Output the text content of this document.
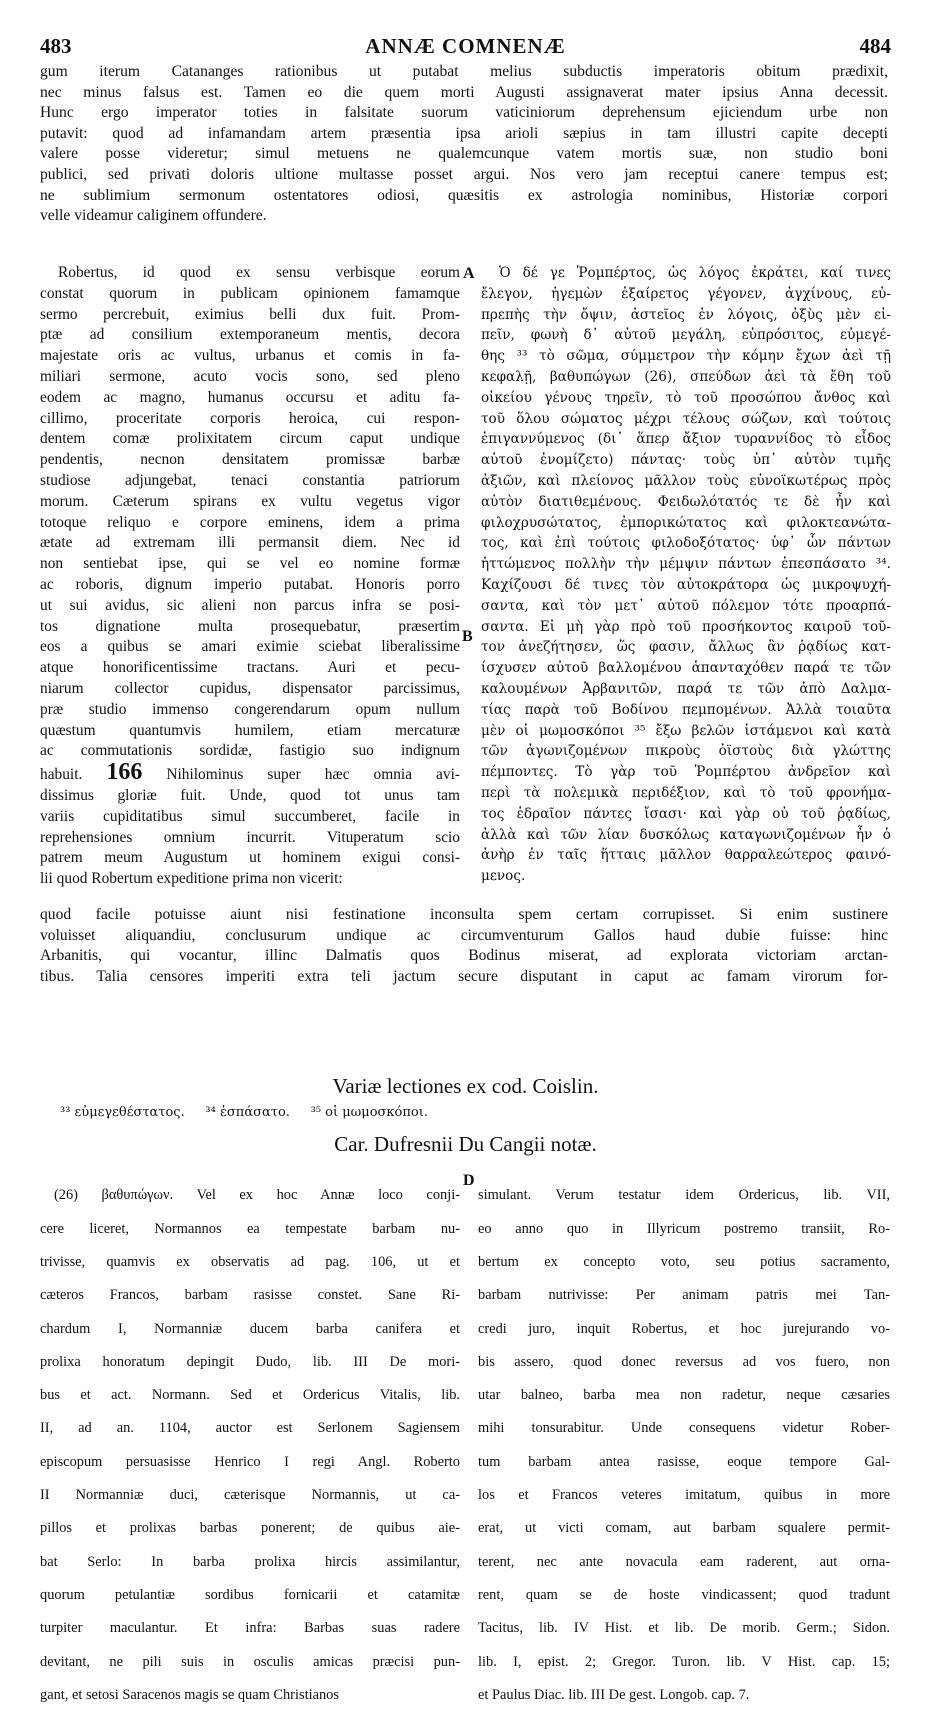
483	ANNÆ COMNENÆ	484

gum iterum Catananges rationibus ut putabat melius subductis imperatoris obitum prædixit,

nec minus falsus est. Tamen eo die quem morti Augusti assignaverat mater ipsius Anna decessit.

Hunc ergo imperator toties in falsitate suorum vaticiniorum deprehensum ejiciendum urbe non

putavit: quod ad infamandam artem præsentia ipsa arioli sæpius in tam illustri capite decepti

valere posse videretur; simul metuens ne qualemcunque vatem mortis suæ, non studio boni

publici, sed privati doloris ultione multasse posset argui. Nos vero jam receptui canere tempus est;

ne sublimium sermonum ostentatores odiosi, quæsitis ex astrologia nominibus, Historiæ corpori

velle videamur caliginem offundere.

A
B

Robertus, id quod ex sensu verbisque eorum

constat quorum in publicam opinionem famamque

sermo percrebuit, eximius belli dux fuit. Prom-

ptæ ad consilium extemporaneum mentis, decora

majestate oris ac vultus, urbanus et comis in fa-

miliari sermone, acuto vocis sono, sed pleno

eodem ac magno, humanus occursu et aditu fa-

cillimo, proceritate corporis heroica, cui respon-

dentem comæ prolixitatem circum caput undique

pendentis, necnon densitatem promissæ barbæ

studiose adjungebat, tenaci constantia patriorum

morum. Cæterum spirans ex vultu vegetus vigor

totoque reliquo e corpore eminens, idem a prima

ætate ad extremam illi permansit diem. Nec id

non sentiebat ipse, qui se vel eo nomine formæ

ac roboris, dignum imperio putabat. Honoris porro

ut sui avidus, sic alieni non parcus infra se posi-

tos dignatione multa prosequebatur, præsertim

eos a quibus se amari eximie sciebat liberalissime

atque honorificentissime tractans. Auri et pecu-

niarum collector cupidus, dispensator parcissimus,

præ studio immenso congerendarum opum nullum

quæstum quantumvis humilem, etiam mercaturæ

ac commutationis sordidæ, fastigio suo indignum

habuit. 166 Nihilominus super hæc omnia avi-

dissimus gloriæ fuit. Unde, quod tot unus tam

variis cupiditatibus simul succumberet, facile in

reprehensiones omnium incurrit. Vituperatum scio

patrem meum Augustum ut hominem exigui consi-

lii quod Robertum expeditione prima non vicerit:

Ὁ δέ γε Ῥομπέρτος, ὡς λόγος ἐκράτει, καί τινες

ἔλεγον, ἡγεμὼν ἐξαίρετος γέγονεν, ἀγχίνους, εὐ-

πρεπὴς τὴν ὄψιν, ἀστεῖος ἐν λόγοις, ὀξὺς μὲν εἰ-

πεῖν, φωνὴ δ᾽ αὐτοῦ μεγάλη, εὐπρόσιτος, εὐμεγέ-

θης ³³ τὸ σῶμα, σύμμετρον τὴν κόμην ἔχων ἀεὶ τῇ

κεφαλῇ, βαθυπώγων (26), σπεύδων ἀεὶ τὰ ἔθη τοῦ

οἰκείου γένους τηρεῖν, τὸ τοῦ προσώπου ἄνθος καὶ

τοῦ ὅλου σώματος μέχρι τέλους σώζων, καὶ τούτοις

ἐπιγαννύμενος (δι᾽ ἅπερ ἄξιον τυραννίδος τὸ εἶδος

αὐτοῦ ἐνομίζετο) πάντας· τοὺς ὑπ᾽ αὐτὸν τιμῆς

ἀξιῶν, καὶ πλείονος μᾶλλον τοὺς εὐνοϊκωτέρως πρὸς

αὐτὸν διατιθεμένους. Φειδωλότατός τε δὲ ἦν καὶ

φιλοχρυσώτατος, ἐμπορικώτατος καὶ φιλοκτεανώτα-

τος, καὶ ἐπὶ τούτοις φιλοδοξότατος· ὑφ᾽ ὧν πάντων

ἡττώμενος πολλὴν τὴν μέμψιν πάντων ἐπεσπάσατο ³⁴.

Καχίζουσι δέ τινες τὸν αὐτοκράτορα ὡς μικροψυχή-

σαντα, καὶ τὸν μετ᾽ αὐτοῦ πόλεμον τότε προαρπά-

σαντα. Εἰ μὴ γὰρ πρὸ τοῦ προσήκοντος καιροῦ τοῦ-

τον ἀνεζήτησεν, ὥς φασιν, ἄλλως ἂν ῥᾳδίως κατ-

ίσχυσεν αὐτοῦ βαλλομένου ἁπανταχόθεν παρά τε τῶν

καλουμένων Ἀρβανιτῶν, παρά τε τῶν ἀπὸ Δαλμα-

τίας παρὰ τοῦ Βοδίνου πεμπομένων. Ἀλλὰ τοιαῦτα

μὲν οἱ μωμοσκόποι ³⁵ ἔξω βελῶν ἱστάμενοι καὶ κατὰ

τῶν ἀγωνιζομένων πικροὺς ὀϊστοὺς διὰ γλώττης

πέμποντες. Τὸ γὰρ τοῦ Ῥομπέρτου ἀνδρεῖον καὶ

περὶ τὰ πολεμικὰ περιδέξιον, καὶ τὸ τοῦ φρονήμα-

τος ἑδραῖον πάντες ἴσασι· καὶ γὰρ οὐ τοῦ ῥᾳδίως,

ἀλλὰ καὶ τῶν λίαν δυσκόλως καταγωνιζομένων ἦν ὁ

ἀνὴρ ἐν ταῖς ἥτταις μᾶλλον θαρραλεώτερος φαινό-

μενος.

quod facile potuisse aiunt nisi festinatione inconsulta spem certam corrupisset. Si enim sustinere

voluisset aliquandiu, conclusurum undique ac circumventurum Gallos haud dubie fuisse: hinc

Arbanitis, qui vocantur, illinc Dalmatis quos Bodinus miserat, ad explorata victoriam arctan-

tibus. Talia censores imperiti extra teli jactum secure disputant in caput ac famam virorum for-

Variæ lectiones ex cod. Coislin.
³³ εὐμεγεθέστατος. ³⁴ ἐσπάσατο. ³⁵ οἱ μωμοσκόποι.
Car. Dufresnii Du Cangii notæ.
D

(26) βαθυπώγων. Vel ex hoc Annæ loco conji-

cere liceret, Normannos ea tempestate barbam nu-

trivisse, quamvis ex observatis ad pag. 106, ut et

cæteros Francos, barbam rasisse constet. Sane Ri-

chardum I, Normanniæ ducem barba canifera et

prolixa honoratum depingit Dudo, lib. III De mori-

bus et act. Normann. Sed et Ordericus Vitalis, lib.

II, ad an. 1104, auctor est Serlonem Sagiensem

episcopum persuasisse Henrico I regi Angl. Roberto

II Normanniæ duci, cæterisque Normannis, ut ca-

pillos et prolixas barbas ponerent; de quibus aie-

bat Serlo: In barba prolixa hircis assimilantur,

quorum petulantiæ sordibus fornicarii et catamitæ

turpiter maculantur. Et infra: Barbas suas radere

devitant, ne pili suis in osculis amicas præcisi pun-

gant, et setosi Saracenos magis se quam Christianos

simulant. Verum testatur idem Ordericus, lib. VII,

eo anno quo in Illyricum postremo transiit, Ro-

bertum ex concepto voto, seu potius sacramento,

barbam nutrivisse: Per animam patris mei Tan-

credi juro, inquit Robertus, et hoc jurejurando vo-

bis assero, quod donec reversus ad vos fuero, non

utar balneo, barba mea non radetur, neque cæsaries

mihi tonsurabitur. Unde consequens videtur Rober-

tum barbam antea rasisse, eoque tempore Gal-

los et Francos veteres imitatum, quibus in more

erat, ut victi comam, aut barbam squalere permit-

terent, nec ante novacula eam raderent, aut orna-

rent, quam se de hoste vindicassent; quod tradunt

Tacitus, lib. IV Hist. et lib. De morib. Germ.; Sidon.

lib. I, epist. 2; Gregor. Turon. lib. V Hist. cap. 15;

et Paulus Diac. lib. III De gest. Longob. cap. 7.
